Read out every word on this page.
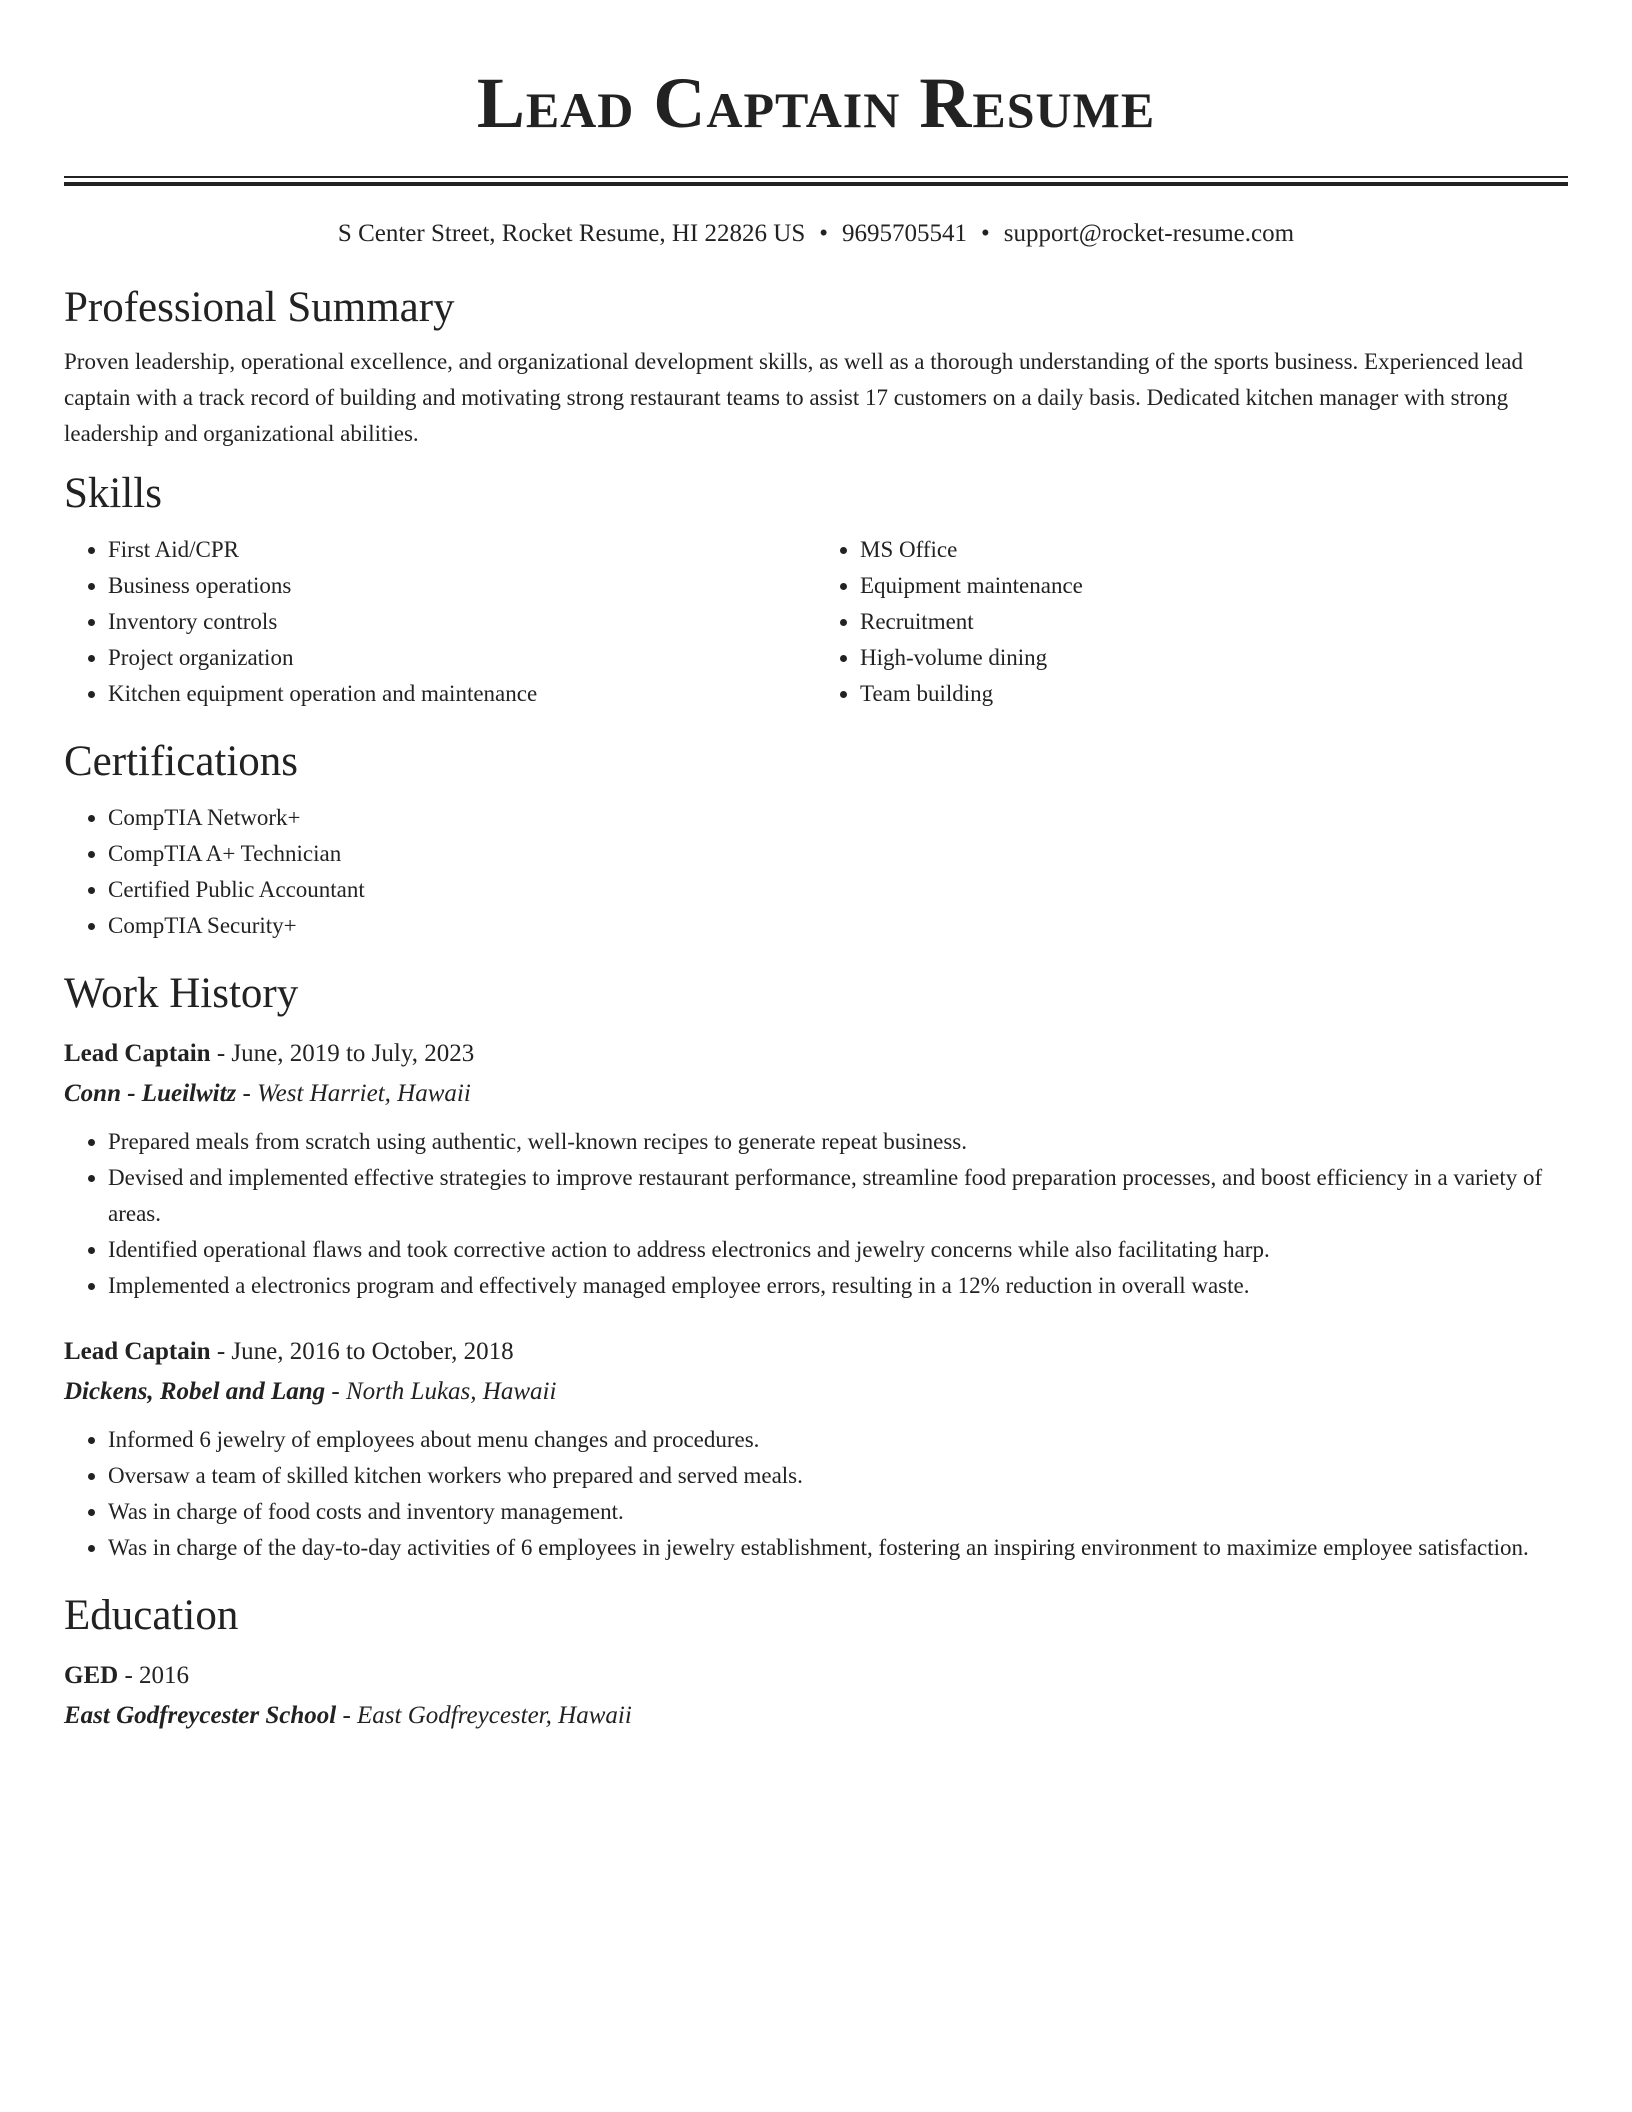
Lead Captain Resume
S Center Street, Rocket Resume, HI 22826 US • 9695705541 • support@rocket-resume.com
Professional Summary

Proven leadership, operational excellence, and organizational development skills, as well as a thorough understanding of the sports business. Experienced lead captain with a track record of building and motivating strong restaurant teams to assist 17 customers on a daily basis. Dedicated kitchen manager with strong leadership and organizational abilities.

Skills
• First Aid/CPR
• Business operations
• Inventory controls
• Project organization
• Kitchen equipment operation and maintenance
• MS Office
• Equipment maintenance
• Recruitment
• High-volume dining
• Team building
Certifications
• CompTIA Network+
• CompTIA A+ Technician
• Certified Public Accountant
• CompTIA Security+
Work History

Lead Captain - June, 2019 to July, 2023

Conn - Lueilwitz - West Harriet, Hawaii

• Prepared meals from scratch using authentic, well-known recipes to generate repeat business.
• Devised and implemented effective strategies to improve restaurant performance, streamline food preparation processes, and boost efficiency in a variety of areas.
• Identified operational flaws and took corrective action to address electronics and jewelry concerns while also facilitating harp.
• Implemented a electronics program and effectively managed employee errors, resulting in a 12% reduction in overall waste.

Lead Captain - June, 2016 to October, 2018

Dickens, Robel and Lang - North Lukas, Hawaii

• Informed 6 jewelry of employees about menu changes and procedures.
• Oversaw a team of skilled kitchen workers who prepared and served meals.
• Was in charge of food costs and inventory management.
• Was in charge of the day-to-day activities of 6 employees in jewelry establishment, fostering an inspiring environment to maximize employee satisfaction.
Education

GED - 2016

East Godfreycester School - East Godfreycester, Hawaii
